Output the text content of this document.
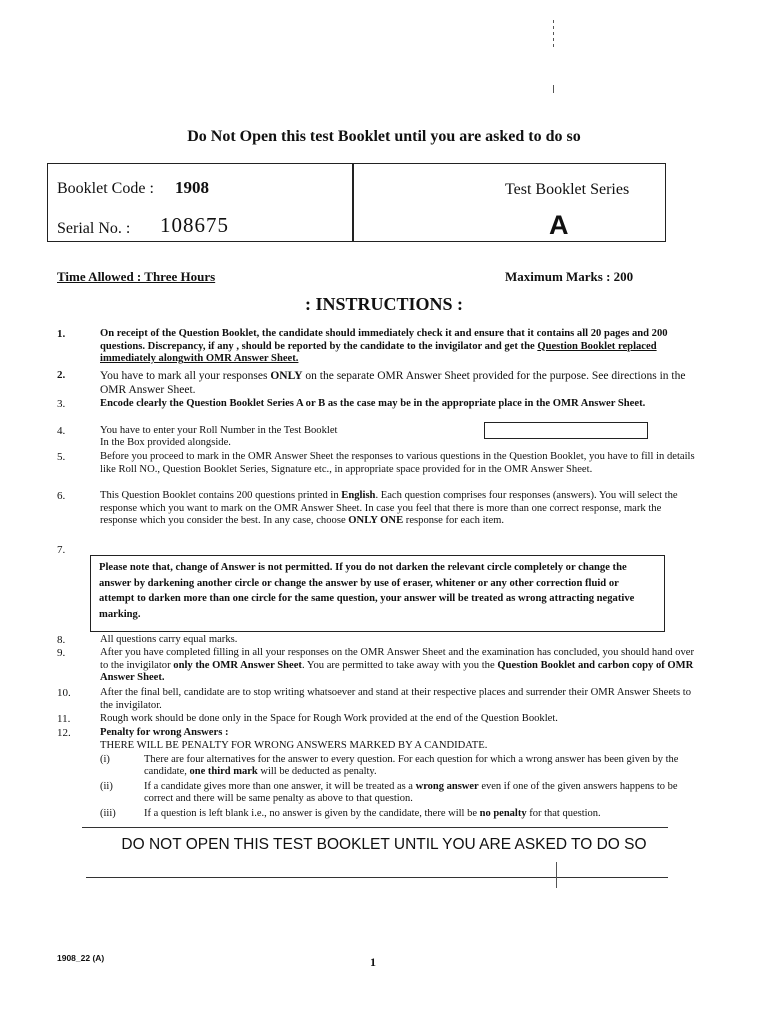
Do Not Open this test Booklet until you are asked to do so
Booklet Code : 1908
Serial No. : 108675
Test Booklet Series
A
Time Allowed : Three Hours	Maximum Marks : 200
: INSTRUCTIONS :
1.	On receipt of the Question Booklet, the candidate should immediately check it and ensure that it contains all 20 pages and 200 questions. Discrepancy, if any , should be reported by the candidate to the invigilator and get the Question Booklet replaced immediately alongwith OMR Answer Sheet.
2.	You have to mark all your responses ONLY on the separate OMR Answer Sheet provided for the purpose. See directions in the OMR Answer Sheet.
3.	Encode clearly the Question Booklet Series A or B as the case may be in the appropriate place in the OMR Answer Sheet.
4.	You have to enter your Roll Number in the Test Booklet
In the Box provided alongside.
5.	Before you proceed to mark in the OMR Answer Sheet the responses to various questions in the Question Booklet, you have to fill in details like Roll NO., Question Booklet Series, Signature etc., in appropriate space provided for in the OMR Answer Sheet.
6.	This Question Booklet contains 200 questions printed in English. Each question comprises four responses (answers). You will select the response which you want to mark on the OMR Answer Sheet. In case you feel that there is more than one correct response, mark the response which you consider the best. In any case, choose ONLY ONE response for each item.
7.
Please note that, change of Answer is not permitted. If you do not darken the relevant circle completely or change the answer by darkening another circle or change the answer by use of eraser, whitener or any other correction fluid or attempt to darken more than one circle for the same question, your answer will be treated as wrong attracting negative marking.
8.	All questions carry equal marks.
9.	After you have completed filling in all your responses on the OMR Answer Sheet and the examination has concluded, you should hand over to the invigilator only the OMR Answer Sheet. You are permitted to take away with you the Question Booklet and carbon copy of OMR Answer Sheet.
10.	After the final bell, candidate are to stop writing whatsoever and stand at their respective places and surrender their OMR Answer Sheets to the invigilator.
11.	Rough work should be done only in the Space for Rough Work provided at the end of the Question Booklet.
12.	Penalty for wrong Answers :
THERE WILL BE PENALTY FOR WRONG ANSWERS MARKED BY A CANDIDATE.
(i)	There are four alternatives for the answer to every question. For each question for which a wrong answer has been given by the candidate, one third mark will be deducted as penalty.
(ii)	If a candidate gives more than one answer, it will be treated as a wrong answer even if one of the given answers happens to be correct and there will be same penalty as above to that question.
(iii)	If a question is left blank i.e., no answer is given by the candidate, there will be no penalty for that question.
DO NOT OPEN THIS TEST BOOKLET UNTIL YOU ARE ASKED TO DO SO
1908_22 (A)	1
